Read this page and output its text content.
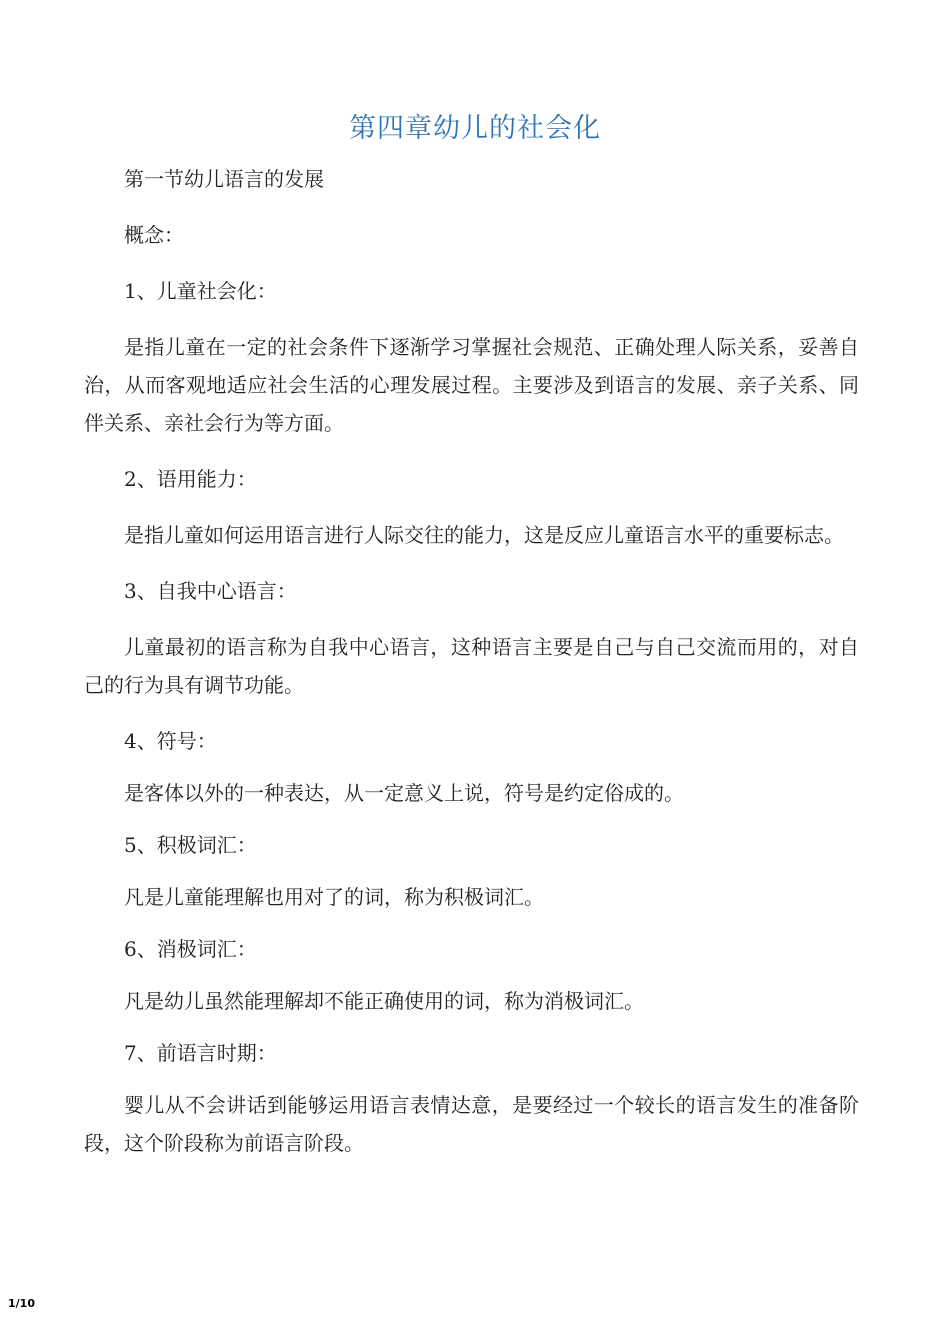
第四章幼儿的社会化

第一节幼儿语言的发展

概念：

1、儿童社会化：

是指儿童在一定的社会条件下逐渐学习掌握社会规范、正确处理人际关系，妥善自治，从而客观地适应社会生活的心理发展过程。主要涉及到语言的发展、亲子关系、同伴关系、亲社会行为等方面。

2、语用能力：

是指儿童如何运用语言进行人际交往的能力，这是反应儿童语言水平的重要标志。

3、自我中心语言：

儿童最初的语言称为自我中心语言，这种语言主要是自己与自己交流而用的，对自己的行为具有调节功能。

4、符号：

是客体以外的一种表达，从一定意义上说，符号是约定俗成的。

5、积极词汇：

凡是儿童能理解也用对了的词，称为积极词汇。

6、消极词汇：

凡是幼儿虽然能理解却不能正确使用的词，称为消极词汇。

7、前语言时期：

婴儿从不会讲话到能够运用语言表情达意，是要经过一个较长的语言发生的准备阶段，这个阶段称为前语言阶段。

1/10
